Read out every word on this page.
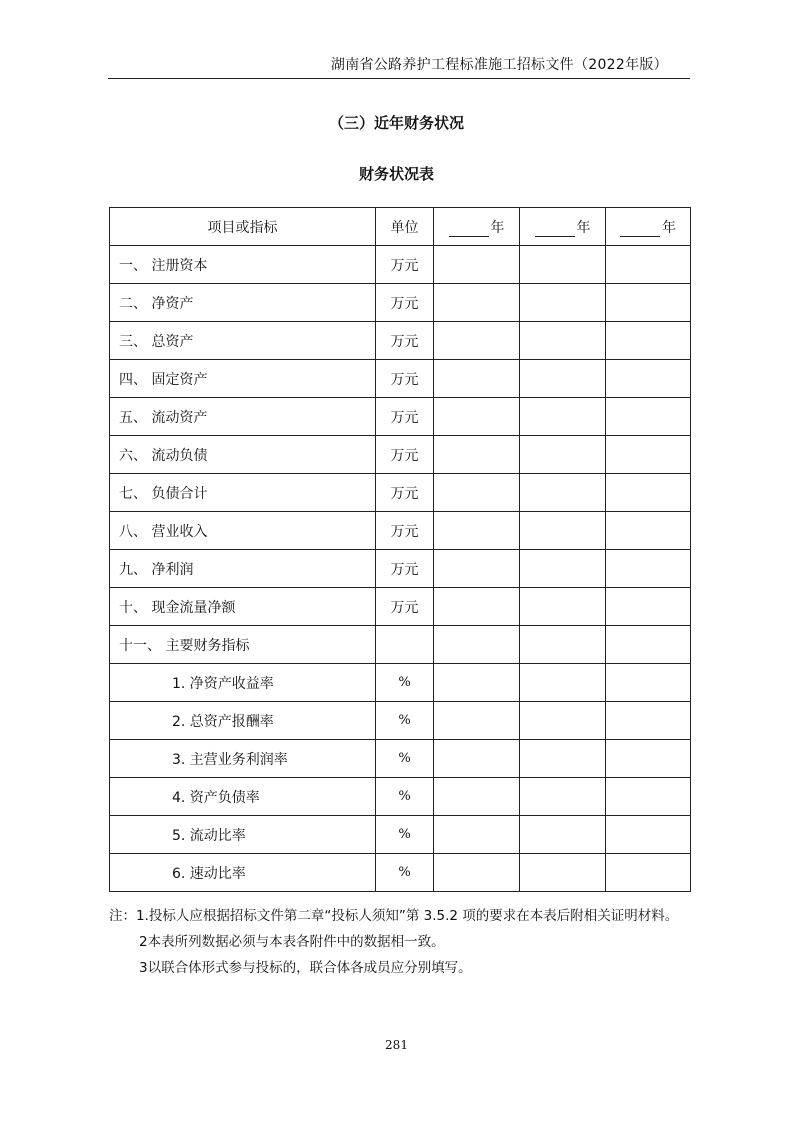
湖南省公路养护工程标准施工招标文件（2022年版）
（三）近年财务状况
财务状况表
项目或指标	单位	年	年	年
一、 注册资本	万元			
二、 净资产	万元			
三、 总资产	万元			
四、 固定资产	万元			
五、 流动资产	万元			
六、 流动负债	万元			
七、 负债合计	万元			
八、 营业收入	万元			
九、 净利润	万元			
十、 现金流量净额	万元			
十一、 主要财务指标				
1. 净资产收益率	%			
2. 总资产报酬率	%			
3. 主营业务利润率	%			
4. 资产负债率	%			
5. 流动比率	%			
6. 速动比率	%			
注：1.投标人应根据招标文件第二章“投标人须知”第 3.5.2 项的要求在本表后附相关证明材料。
2本表所列数据必须与本表各附件中的数据相一致。
3以联合体形式参与投标的，联合体各成员应分别填写。
281
